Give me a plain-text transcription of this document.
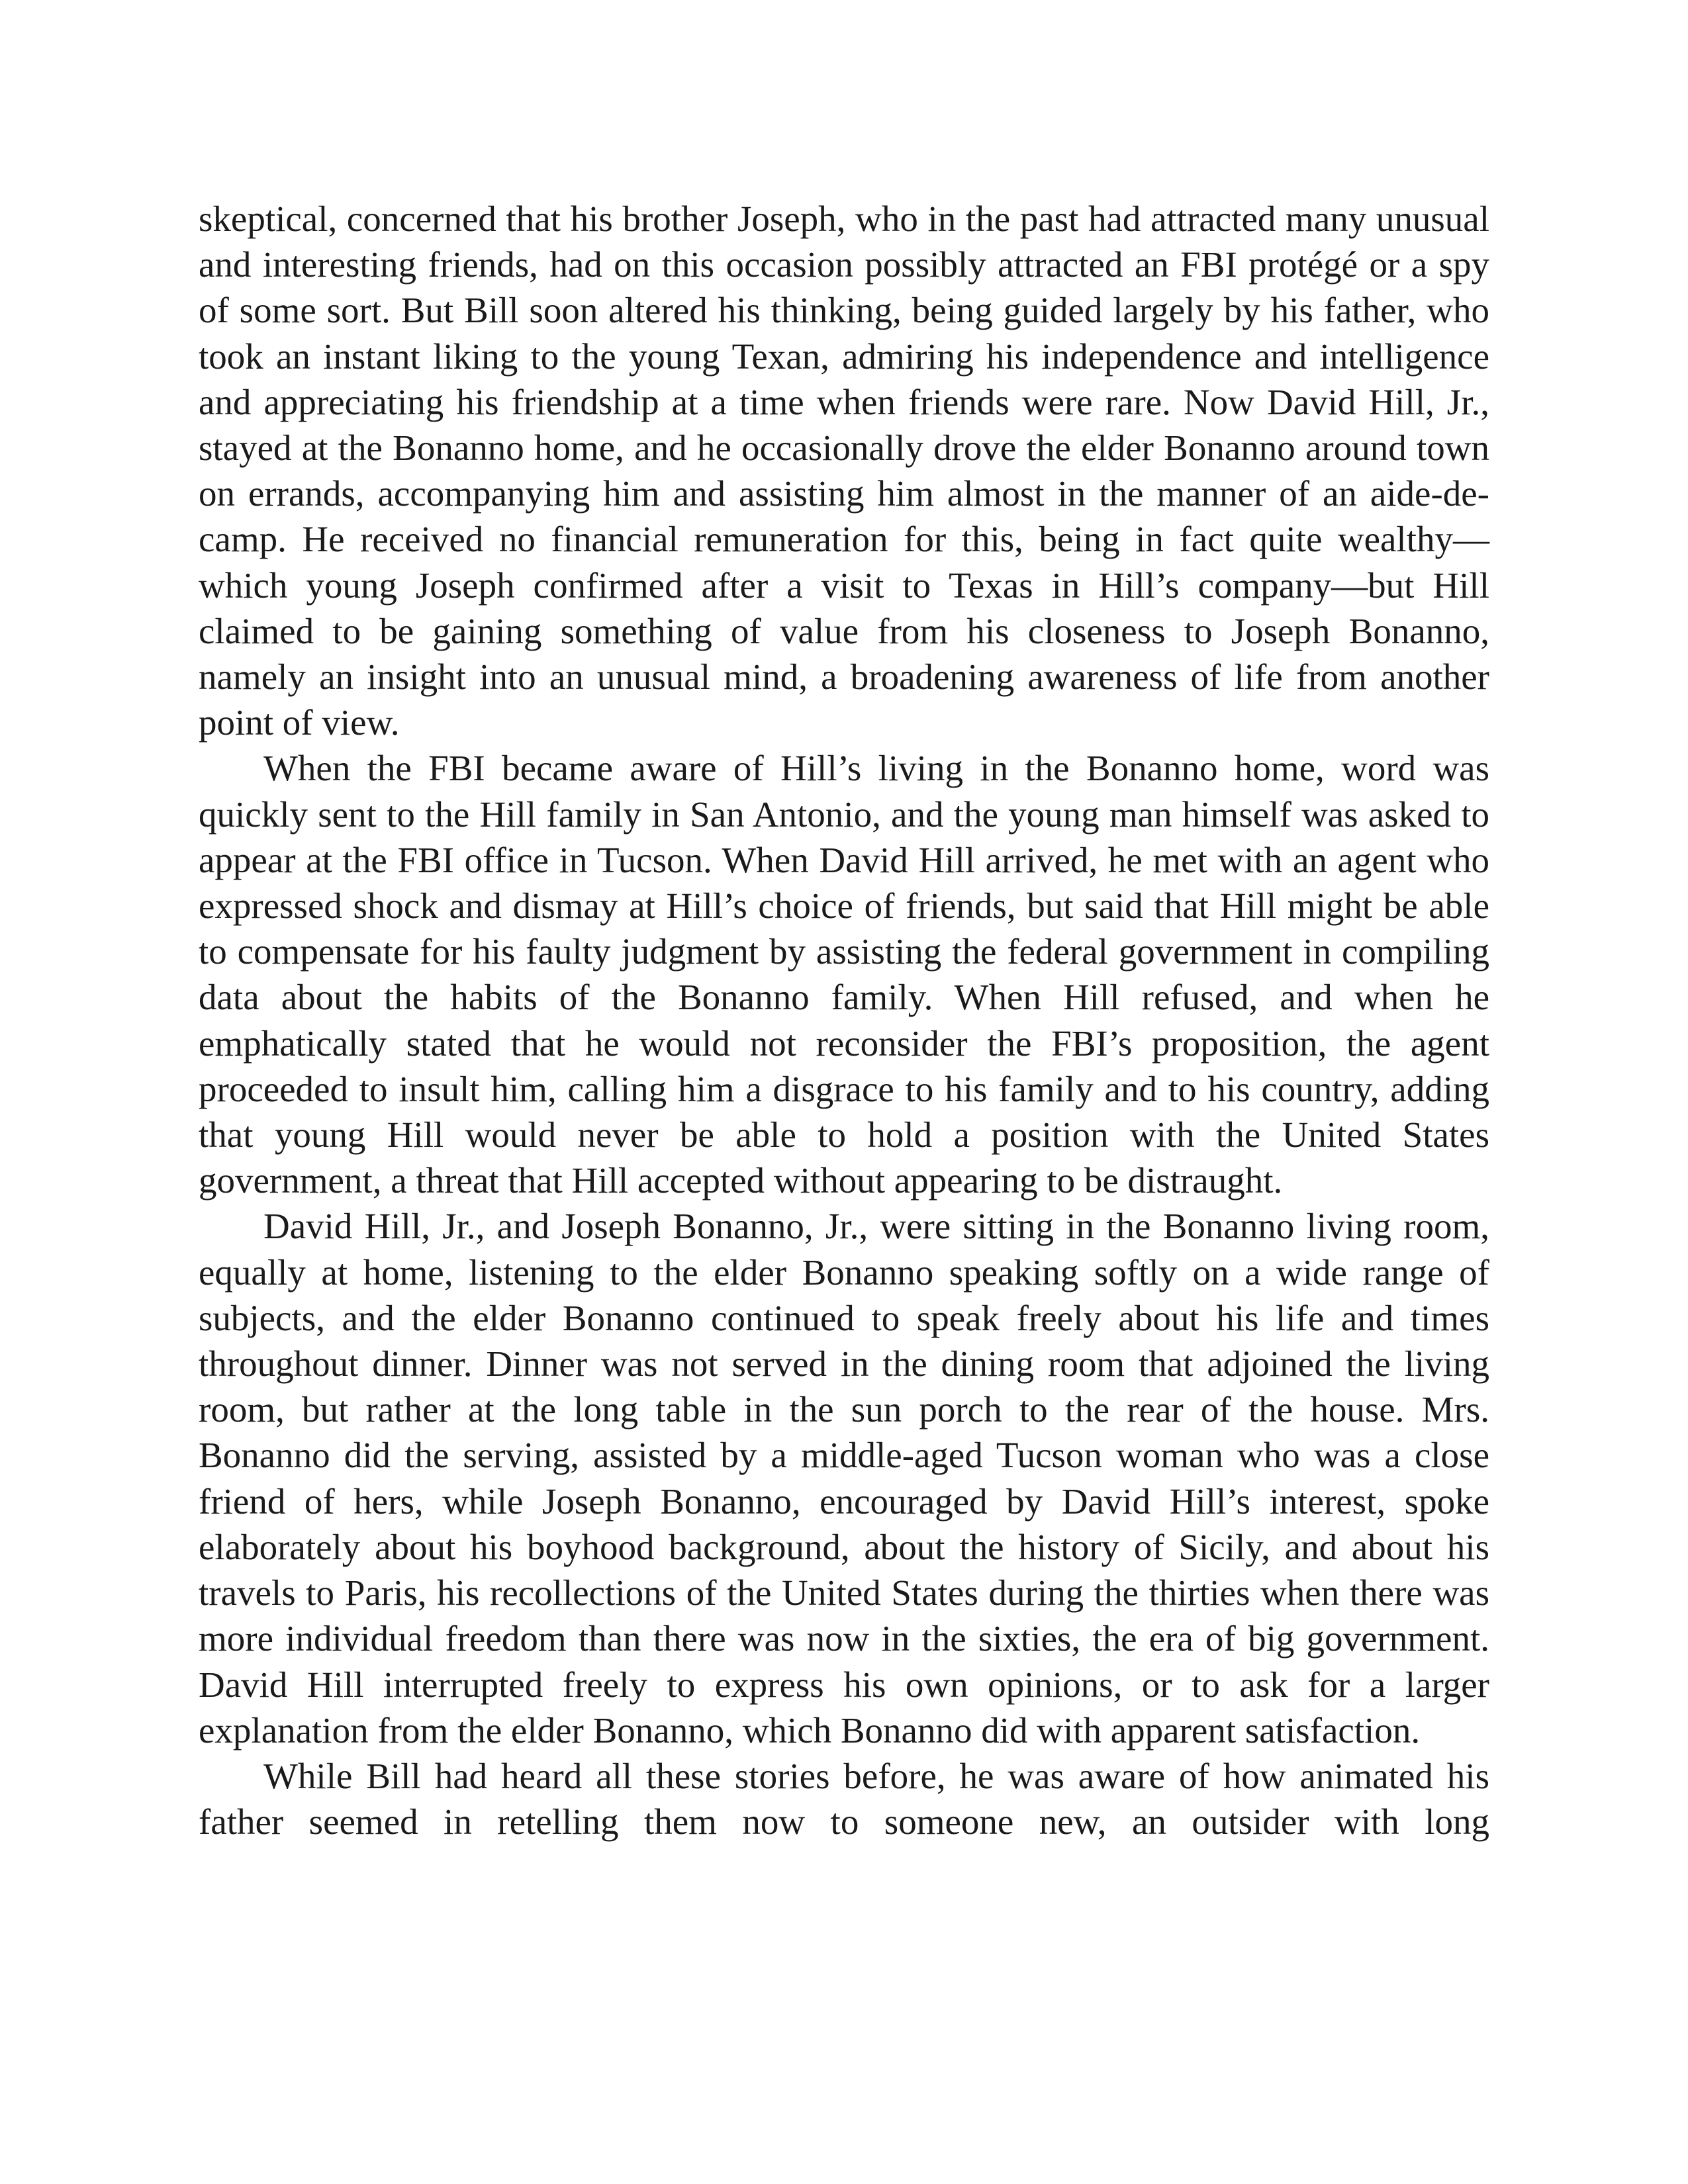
skeptical, concerned that his brother Joseph, who in the past had attracted many unusual and interesting friends, had on this occasion possibly attracted an FBI protégé or a spy of some sort. But Bill soon altered his thinking, being guided largely by his father, who took an instant liking to the young Texan, admiring his independence and intelligence and appreciating his friendship at a time when friends were rare. Now David Hill, Jr., stayed at the Bonanno home, and he occasionally drove the elder Bonanno around town on errands, accompanying him and assisting him almost in the manner of an aide-de-camp. He received no financial remuneration for this, being in fact quite wealthy—which young Joseph confirmed after a visit to Texas in Hill’s company—but Hill claimed to be gaining something of value from his closeness to Joseph Bonanno, namely an insight into an unusual mind, a broadening awareness of life from another point of view.

When the FBI became aware of Hill’s living in the Bonanno home, word was quickly sent to the Hill family in San Antonio, and the young man himself was asked to appear at the FBI office in Tucson. When David Hill arrived, he met with an agent who expressed shock and dismay at Hill’s choice of friends, but said that Hill might be able to compensate for his faulty judgment by assisting the federal government in compiling data about the habits of the Bonanno family. When Hill refused, and when he emphatically stated that he would not reconsider the FBI’s proposition, the agent proceeded to insult him, calling him a disgrace to his family and to his country, adding that young Hill would never be able to hold a position with the United States government, a threat that Hill accepted without appearing to be distraught.

David Hill, Jr., and Joseph Bonanno, Jr., were sitting in the Bonanno living room, equally at home, listening to the elder Bonanno speaking softly on a wide range of subjects, and the elder Bonanno continued to speak freely about his life and times throughout dinner. Dinner was not served in the dining room that adjoined the living room, but rather at the long table in the sun porch to the rear of the house. Mrs. Bonanno did the serving, assisted by a middle-aged Tucson woman who was a close friend of hers, while Joseph Bonanno, encouraged by David Hill’s interest, spoke elaborately about his boyhood background, about the history of Sicily, and about his travels to Paris, his recollections of the United States during the thirties when there was more individual freedom than there was now in the sixties, the era of big government. David Hill interrupted freely to express his own opinions, or to ask for a larger explanation from the elder Bonanno, which Bonanno did with apparent satisfaction.

While Bill had heard all these stories before, he was aware of how animated his father seemed in retelling them now to someone new, an outsider with long
